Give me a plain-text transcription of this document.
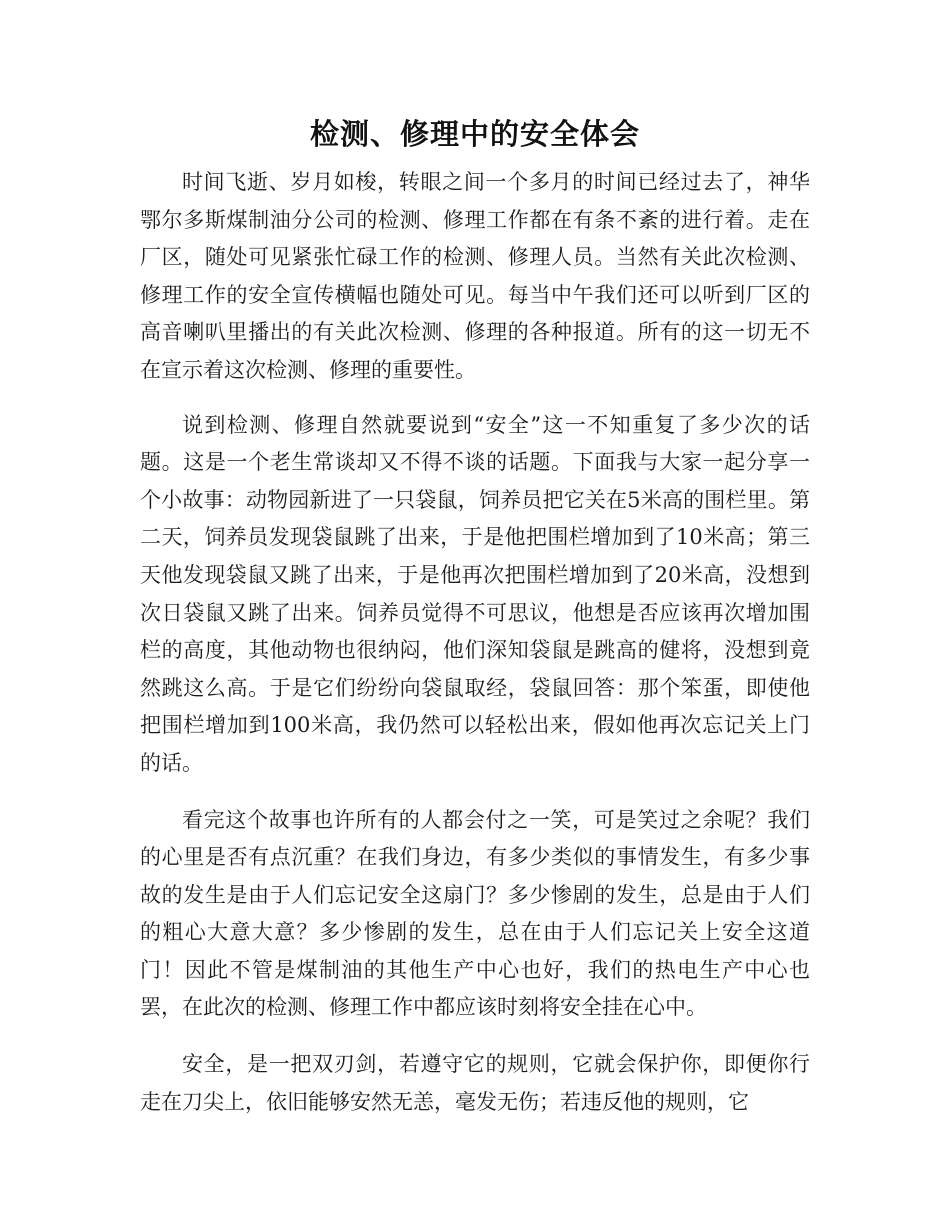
检测、修理中的安全体会

时间飞逝、岁月如梭，转眼之间一个多月的时间已经过去了，神华鄂尔多斯煤制油分公司的检测、修理工作都在有条不紊的进行着。走在厂区，随处可见紧张忙碌工作的检测、修理人员。当然有关此次检测、修理工作的安全宣传横幅也随处可见。每当中午我们还可以听到厂区的高音喇叭里播出的有关此次检测、修理的各种报道。所有的这一切无不在宣示着这次检测、修理的重要性。

说到检测、修理自然就要说到“安全”这一不知重复了多少次的话题。这是一个老生常谈却又不得不谈的话题。下面我与大家一起分享一个小故事：动物园新进了一只袋鼠，饲养员把它关在5米高的围栏里。第二天，饲养员发现袋鼠跳了出来，于是他把围栏增加到了10米高；第三天他发现袋鼠又跳了出来，于是他再次把围栏增加到了20米高，没想到次日袋鼠又跳了出来。饲养员觉得不可思议，他想是否应该再次增加围栏的高度，其他动物也很纳闷，他们深知袋鼠是跳高的健将，没想到竟然跳这么高。于是它们纷纷向袋鼠取经，袋鼠回答：那个笨蛋，即使他把围栏增加到100米高，我仍然可以轻松出来，假如他再次忘记关上门的话。

看完这个故事也许所有的人都会付之一笑，可是笑过之余呢？我们的心里是否有点沉重？在我们身边，有多少类似的事情发生，有多少事故的发生是由于人们忘记安全这扇门？多少惨剧的发生，总是由于人们的粗心大意大意？多少惨剧的发生，总在由于人们忘记关上安全这道门！因此不管是煤制油的其他生产中心也好，我们的热电生产中心也罢，在此次的检测、修理工作中都应该时刻将安全挂在心中。

安全，是一把双刃剑，若遵守它的规则，它就会保护你，即便你行走在刀尖上，依旧能够安然无恙，毫发无伤；若违反他的规则，它
